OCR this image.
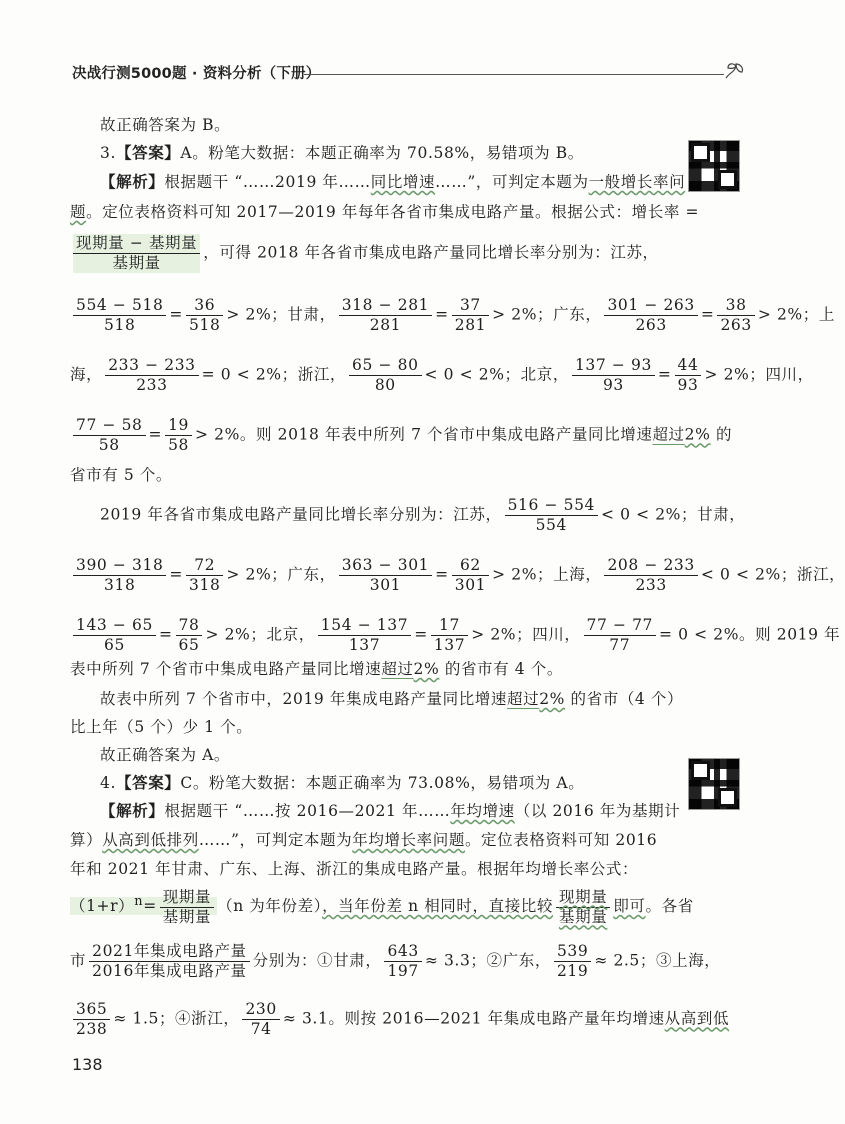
决战行测5000题 · 资料分析（下册）
故正确答案为 B。
3.【答案】A。粉笔大数据：本题正确率为 70.58%，易错项为 B。
【解析】根据题干 “……2019 年……同比增速……”，可判定本题为一般增长率问
题。定位表格资料可知 2017—2019 年每年各省市集成电路产量。根据公式：增长率 =
$\frac{\text{现期量 − 基期量}}{\text{基期量}}$ ，可得 2018 年各省市集成电路产量同比增长率分别为：江苏，
$\frac{554 - 518}{518} = \frac{36}{518} > 2\%$；甘肃， $\frac{318 - 281}{281} = \frac{37}{281} > 2\%$；广东， $\frac{301 - 263}{263} = \frac{38}{263} > 2\%$；上
海， $\frac{233 - 233}{233} = 0 < 2\%$；浙江， $\frac{65 - 80}{80} < 0 < 2\%$；北京， $\frac{137 - 93}{93} = \frac{44}{93} > 2\%$；四川，
$\frac{77 - 58}{58} = \frac{19}{58} > 2\%$。则 2018 年表中所列 7 个省市中集成电路产量同比增速超过2% 的
省市有 5 个。
2019 年各省市集成电路产量同比增长率分别为：江苏， $\frac{516 - 554}{554} < 0 < 2\%$；甘肃，
$\frac{390 - 318}{318} = \frac{72}{318} > 2\%$；广东， $\frac{363 - 301}{301} = \frac{62}{301} > 2\%$；上海， $\frac{208 - 233}{233} < 0 < 2\%$；浙江，
$\frac{143 - 65}{65} = \frac{78}{65} > 2\%$；北京， $\frac{154 - 137}{137} = \frac{17}{137} > 2\%$；四川， $\frac{77 - 77}{77} = 0 < 2\%$。则 2019 年
表中所列 7 个省市中集成电路产量同比增速超过2% 的省市有 4 个。
故表中所列 7 个省市中，2019 年集成电路产量同比增速超过2% 的省市（4 个）
比上年（5 个）少 1 个。
故正确答案为 A。
4.【答案】C。粉笔大数据：本题正确率为 73.08%，易错项为 A。
【解析】根据题干 “……按 2016—2021 年……年均增速（以 2016 年为基期计
算）从高到低排列……”，可判定本题为年均增长率问题。定位表格资料可知 2016
年和 2021 年甘肃、广东、上海、浙江的集成电路产量。根据年均增长率公式：
$(1+r)^n= \frac{\text{现期量}}{\text{基期量}} (n$ 为年份差），当年份差 n 相同时，直接比较 $\frac{\text{现期量}}{\text{基期量}}$ 即可。各省
市 $\frac{\text{2021年集成电路产量}}{\text{2016年集成电路产量}}$ 分别为：①甘肃， $\frac{643}{197} \approx 3.3$；②广东， $\frac{539}{219} \approx 2.5$；③上海，
$\frac{365}{238} \approx 1.5$；④浙江， $\frac{230}{74} \approx 3.1$。则按 2016—2021 年集成电路产量年均增速从高到低
138
